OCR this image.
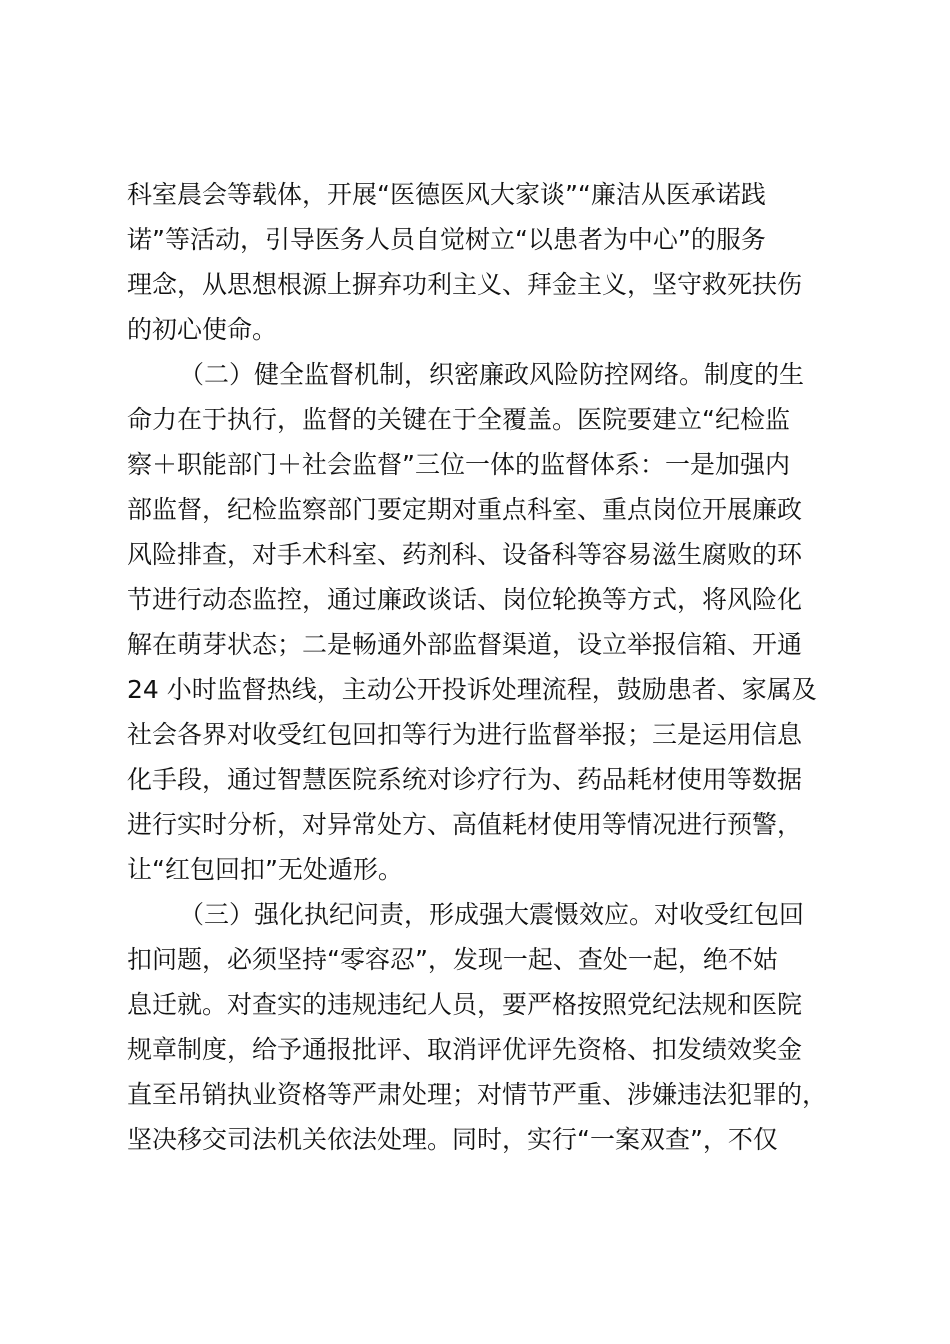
科室晨会等载体，开展“医德医风大家谈”“廉洁从医承诺践
诺”等活动，引导医务人员自觉树立“以患者为中心”的服务
理念，从思想根源上摒弃功利主义、拜金主义，坚守救死扶伤
的初心使命。
（二）健全监督机制，织密廉政风险防控网络。制度的生
命力在于执行，监督的关键在于全覆盖。医院要建立“纪检监
察＋职能部门＋社会监督”三位一体的监督体系：一是加强内
部监督，纪检监察部门要定期对重点科室、重点岗位开展廉政
风险排查，对手术科室、药剂科、设备科等容易滋生腐败的环
节进行动态监控，通过廉政谈话、岗位轮换等方式，将风险化
解在萌芽状态；二是畅通外部监督渠道，设立举报信箱、开通
24 小时监督热线，主动公开投诉处理流程，鼓励患者、家属及
社会各界对收受红包回扣等行为进行监督举报；三是运用信息
化手段，通过智慧医院系统对诊疗行为、药品耗材使用等数据
进行实时分析，对异常处方、高值耗材使用等情况进行预警，
让“红包回扣”无处遁形。
（三）强化执纪问责，形成强大震慑效应。对收受红包回
扣问题，必须坚持“零容忍”，发现一起、查处一起，绝不姑
息迁就。对查实的违规违纪人员，要严格按照党纪法规和医院
规章制度，给予通报批评、取消评优评先资格、扣发绩效奖金
直至吊销执业资格等严肃处理；对情节严重、涉嫌违法犯罪的，
坚决移交司法机关依法处理。同时，实行“一案双查”，不仅
